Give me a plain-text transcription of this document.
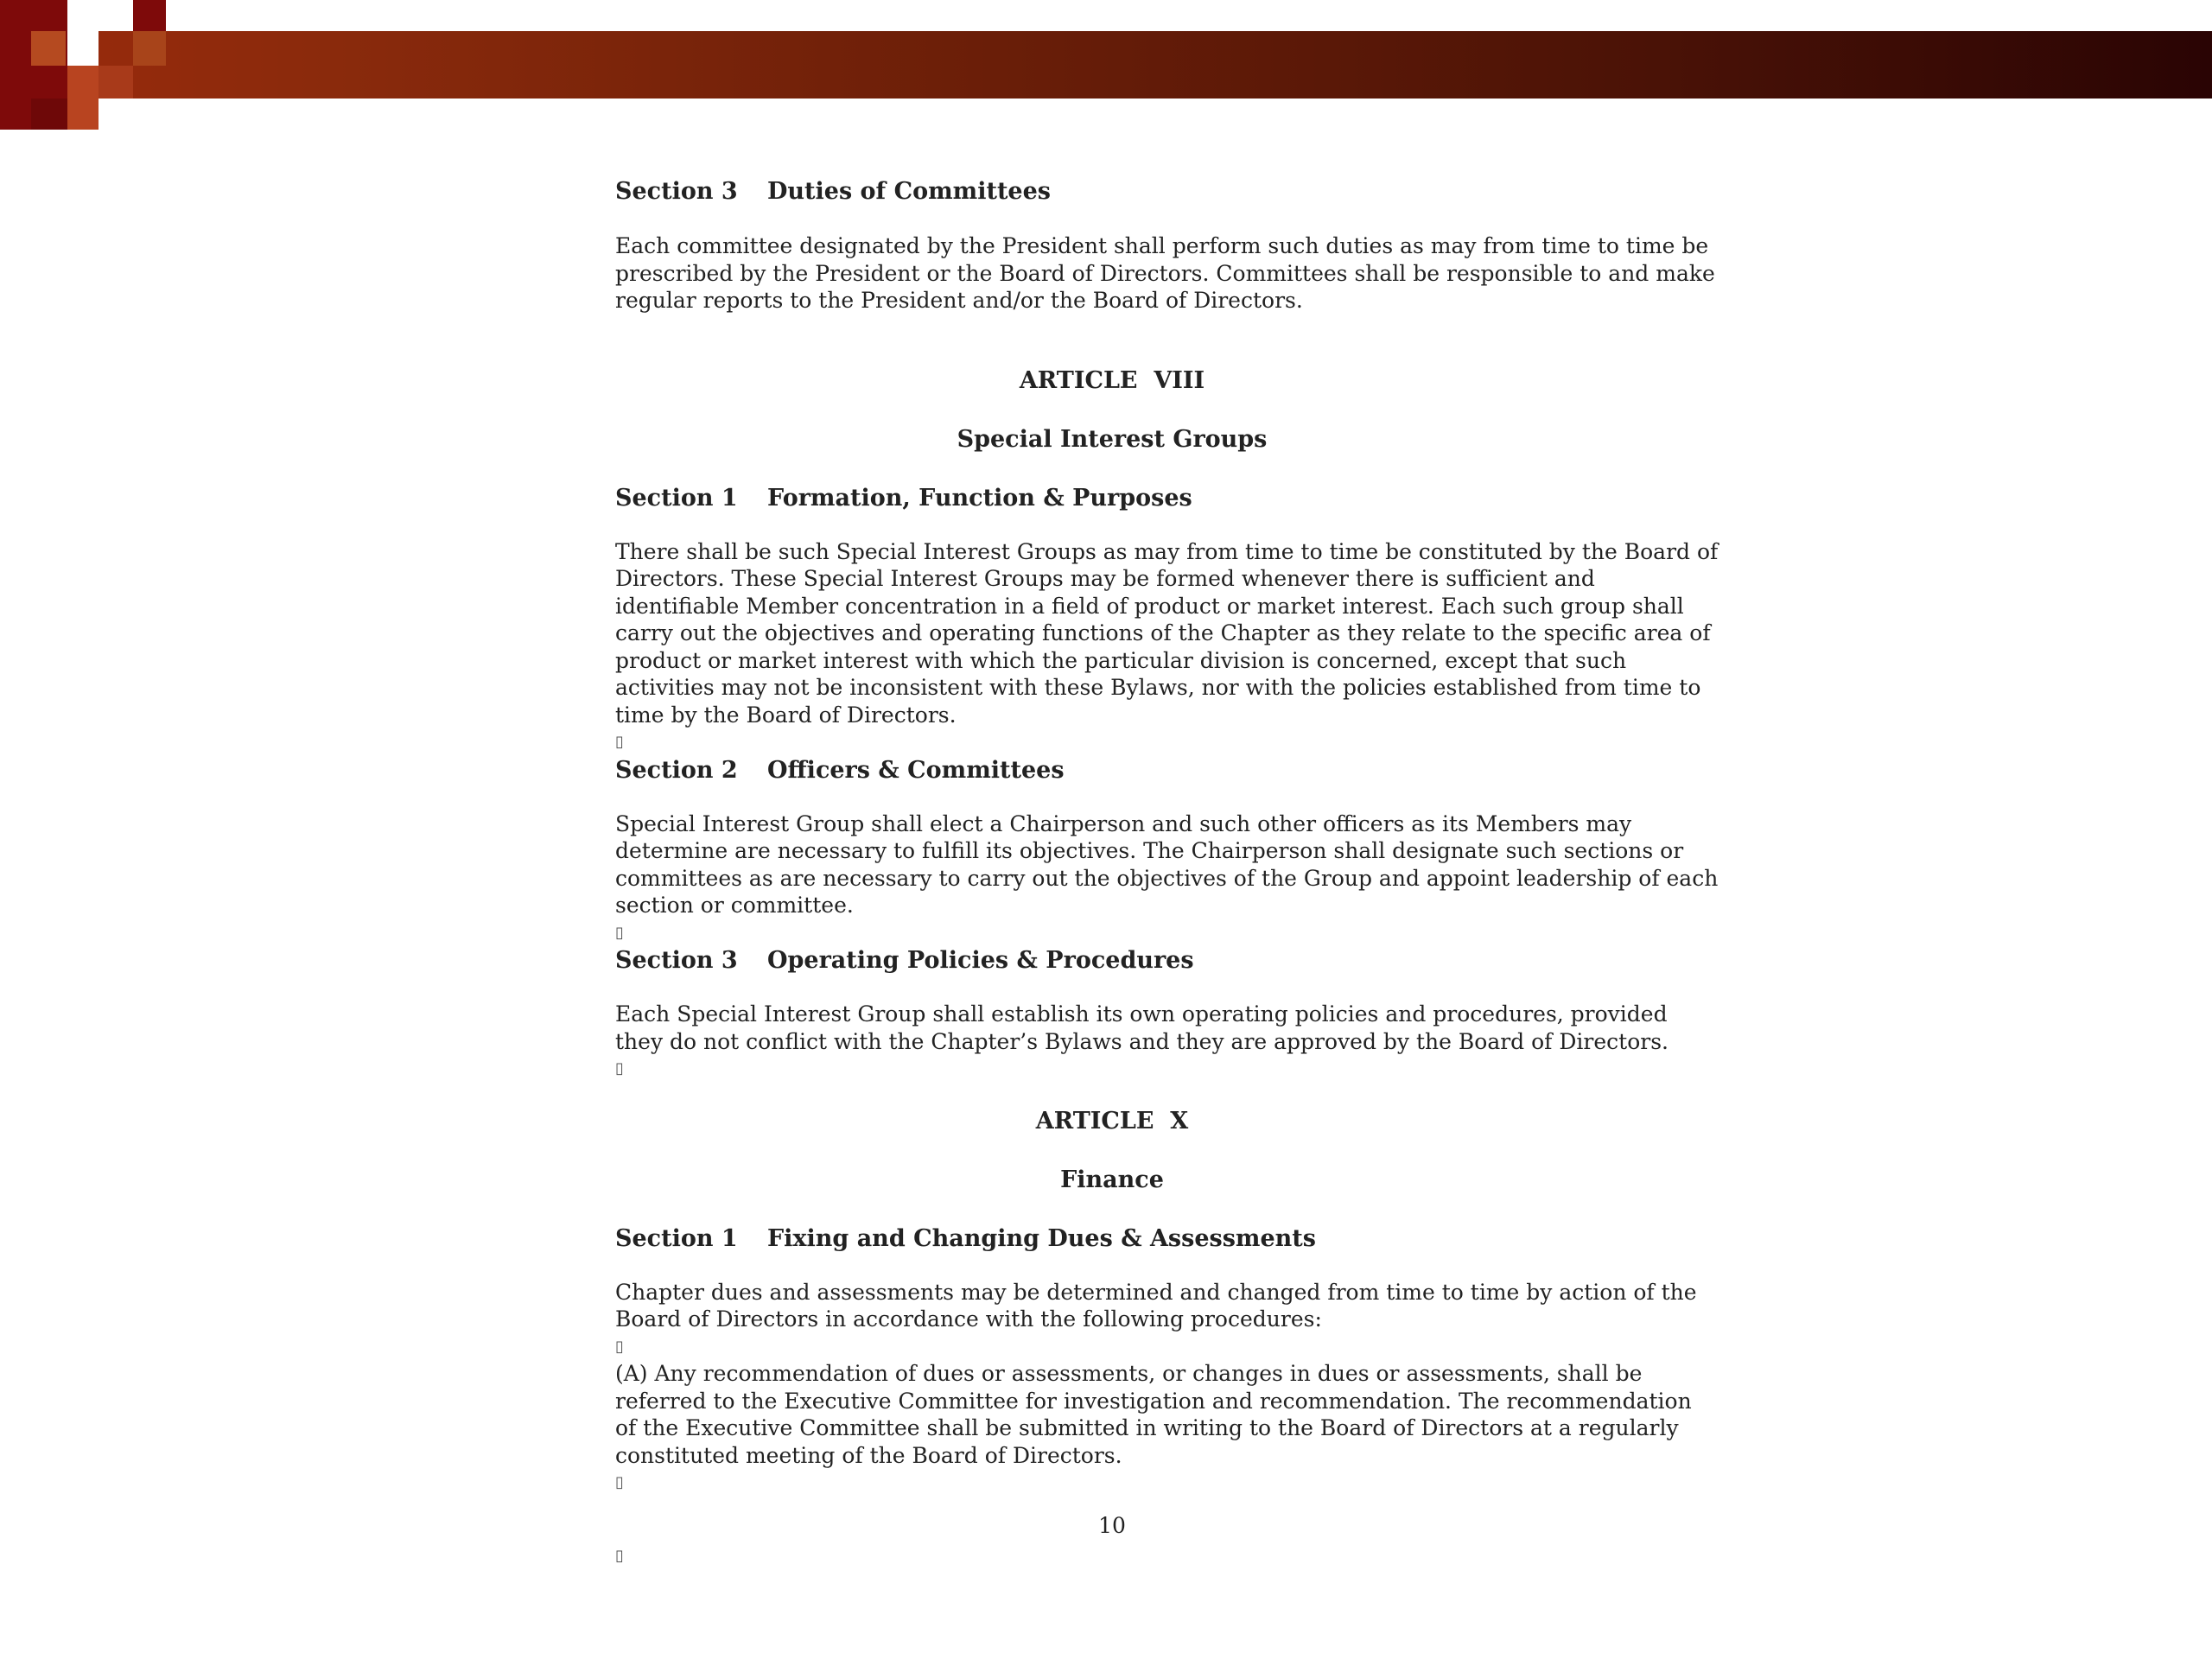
Section 3	Duties of Committees

Each committee designated by the President shall perform such duties as may from time to time be

prescribed by the President or the Board of Directors. Committees shall be responsible to and make

regular reports to the President and/or the Board of Directors.

ARTICLE  VIII
Special Interest Groups
Section 1	Formation, Function & Purposes

There shall be such Special Interest Groups as may from time to time be constituted by the Board of

Directors. These Special Interest Groups may be formed whenever there is sufficient and

identifiable Member concentration in a field of product or market interest. Each such group shall

carry out the objectives and operating functions of the Chapter as they relate to the specific area of

product or market interest with which the particular division is concerned, except that such

activities may not be inconsistent with these Bylaws, nor with the policies established from time to

time by the Board of Directors.

▯

Section 2	Officers & Committees

Special Interest Group shall elect a Chairperson and such other officers as its Members may

determine are necessary to fulfill its objectives. The Chairperson shall designate such sections or

committees as are necessary to carry out the objectives of the Group and appoint leadership of each

section or committee.

▯

Section 3	Operating Policies & Procedures

Each Special Interest Group shall establish its own operating policies and procedures, provided

they do not conflict with the Chapter’s Bylaws and they are approved by the Board of Directors.

▯

ARTICLE  X
Finance
Section 1	Fixing and Changing Dues & Assessments

Chapter dues and assessments may be determined and changed from time to time by action of the

Board of Directors in accordance with the following procedures:

▯

(A) Any recommendation of dues or assessments, or changes in dues or assessments, shall be

referred to the Executive Committee for investigation and recommendation. The recommendation

of the Executive Committee shall be submitted in writing to the Board of Directors at a regularly

constituted meeting of the Board of Directors.

▯

10

▯
